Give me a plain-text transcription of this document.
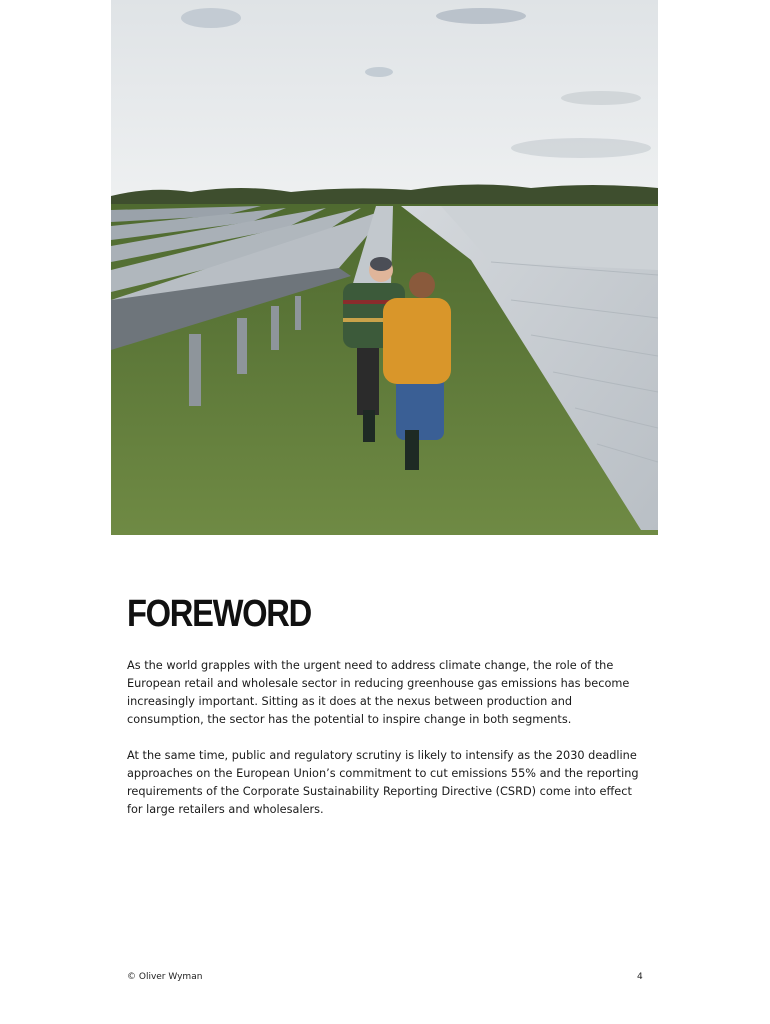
FOREWORD

As the world grapples with the urgent need to address climate change, the role of the European retail and wholesale sector in reducing greenhouse gas emissions has become increasingly important. Sitting as it does at the nexus between production and consumption, the sector has the potential to inspire change in both segments.

At the same time, public and regulatory scrutiny is likely to intensify as the 2030 deadline approaches on the European Union’s commitment to cut emissions 55% and the reporting requirements of the Corporate Sustainability Reporting Directive (CSRD) come into effect for large retailers and wholesalers.

© Oliver Wyman	4
